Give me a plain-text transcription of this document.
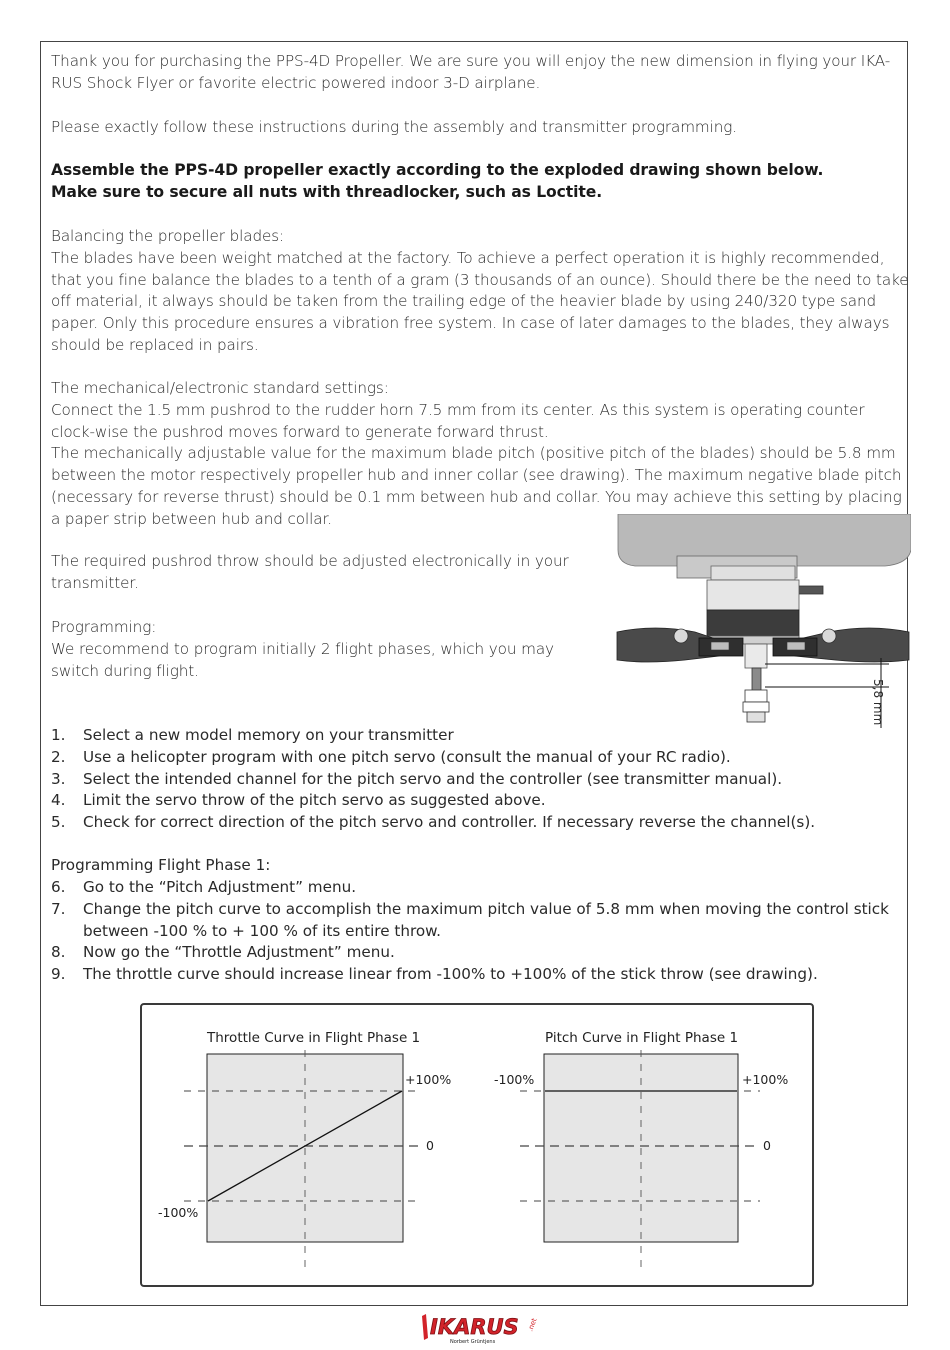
Thank you for purchasing the PPS-4D Propeller. We are sure you will enjoy the new dimension in flying your IKA-RUS Shock Flyer or favorite electric powered indoor 3-D airplane.

Please exactly follow these instructions during the assembly and transmitter programming.

Assemble the PPS-4D propeller exactly according to the exploded drawing shown below.

Make sure to secure all nuts with threadlocker, such as Loctite.

Balancing the propeller blades:

The blades have been weight matched at the factory. To achieve a perfect operation it is highly recommended, that you fine balance the blades to a tenth of a gram (3 thousands of an ounce). Should there be the need to take off material, it always should be taken from the trailing edge of the heavier blade by using 240/320 type sand paper. Only this procedure ensures a vibration free system. In case of later damages to the blades, they always should be replaced in pairs.

The mechanical/electronic standard settings:

Connect the 1.5 mm pushrod to the rudder horn 7.5 mm from its center. As this system is operating counter clock-wise the pushrod moves forward to generate forward thrust.

The mechanically adjustable value for the maximum blade pitch (positive pitch of the blades) should be 5.8 mm between the motor respectively propeller hub and inner collar (see drawing). The maximum negative blade pitch (necessary for reverse thrust) should be 0.1 mm between hub and collar. You may achieve this setting by placing a paper strip between hub and collar.

The required pushrod throw should be adjusted electronically in your transmitter.

Programming:

We recommend to program initially 2 flight phases, which you may switch during flight.

5,8 mm
1. Select a new model memory on your transmitter
2. Use a helicopter program with one pitch servo (consult the manual of your RC radio).
3. Select the intended channel for the pitch servo and the controller (see transmitter manual).
4. Limit the servo throw of the pitch servo as suggested above.
5. Check for correct direction of the pitch servo and controller. If necessary reverse the channel(s).
Programming Flight Phase 1:
6. Go to the “Pitch Adjustment” menu.
7. Change the pitch curve to accomplish the maximum pitch value of 5.8 mm when moving the control stick between -100 % to + 100 % of its entire throw.
8. Now go the “Throttle Adjustment” menu.
9. The throttle curve should increase linear from -100% to +100% of the stick throw (see drawing).
Throttle Curve in Flight Phase 1	Pitch Curve in Flight Phase 1
+100%
0
-100%
-100%	+100%
0
IKARUS .net
Norbert Grüntjens
